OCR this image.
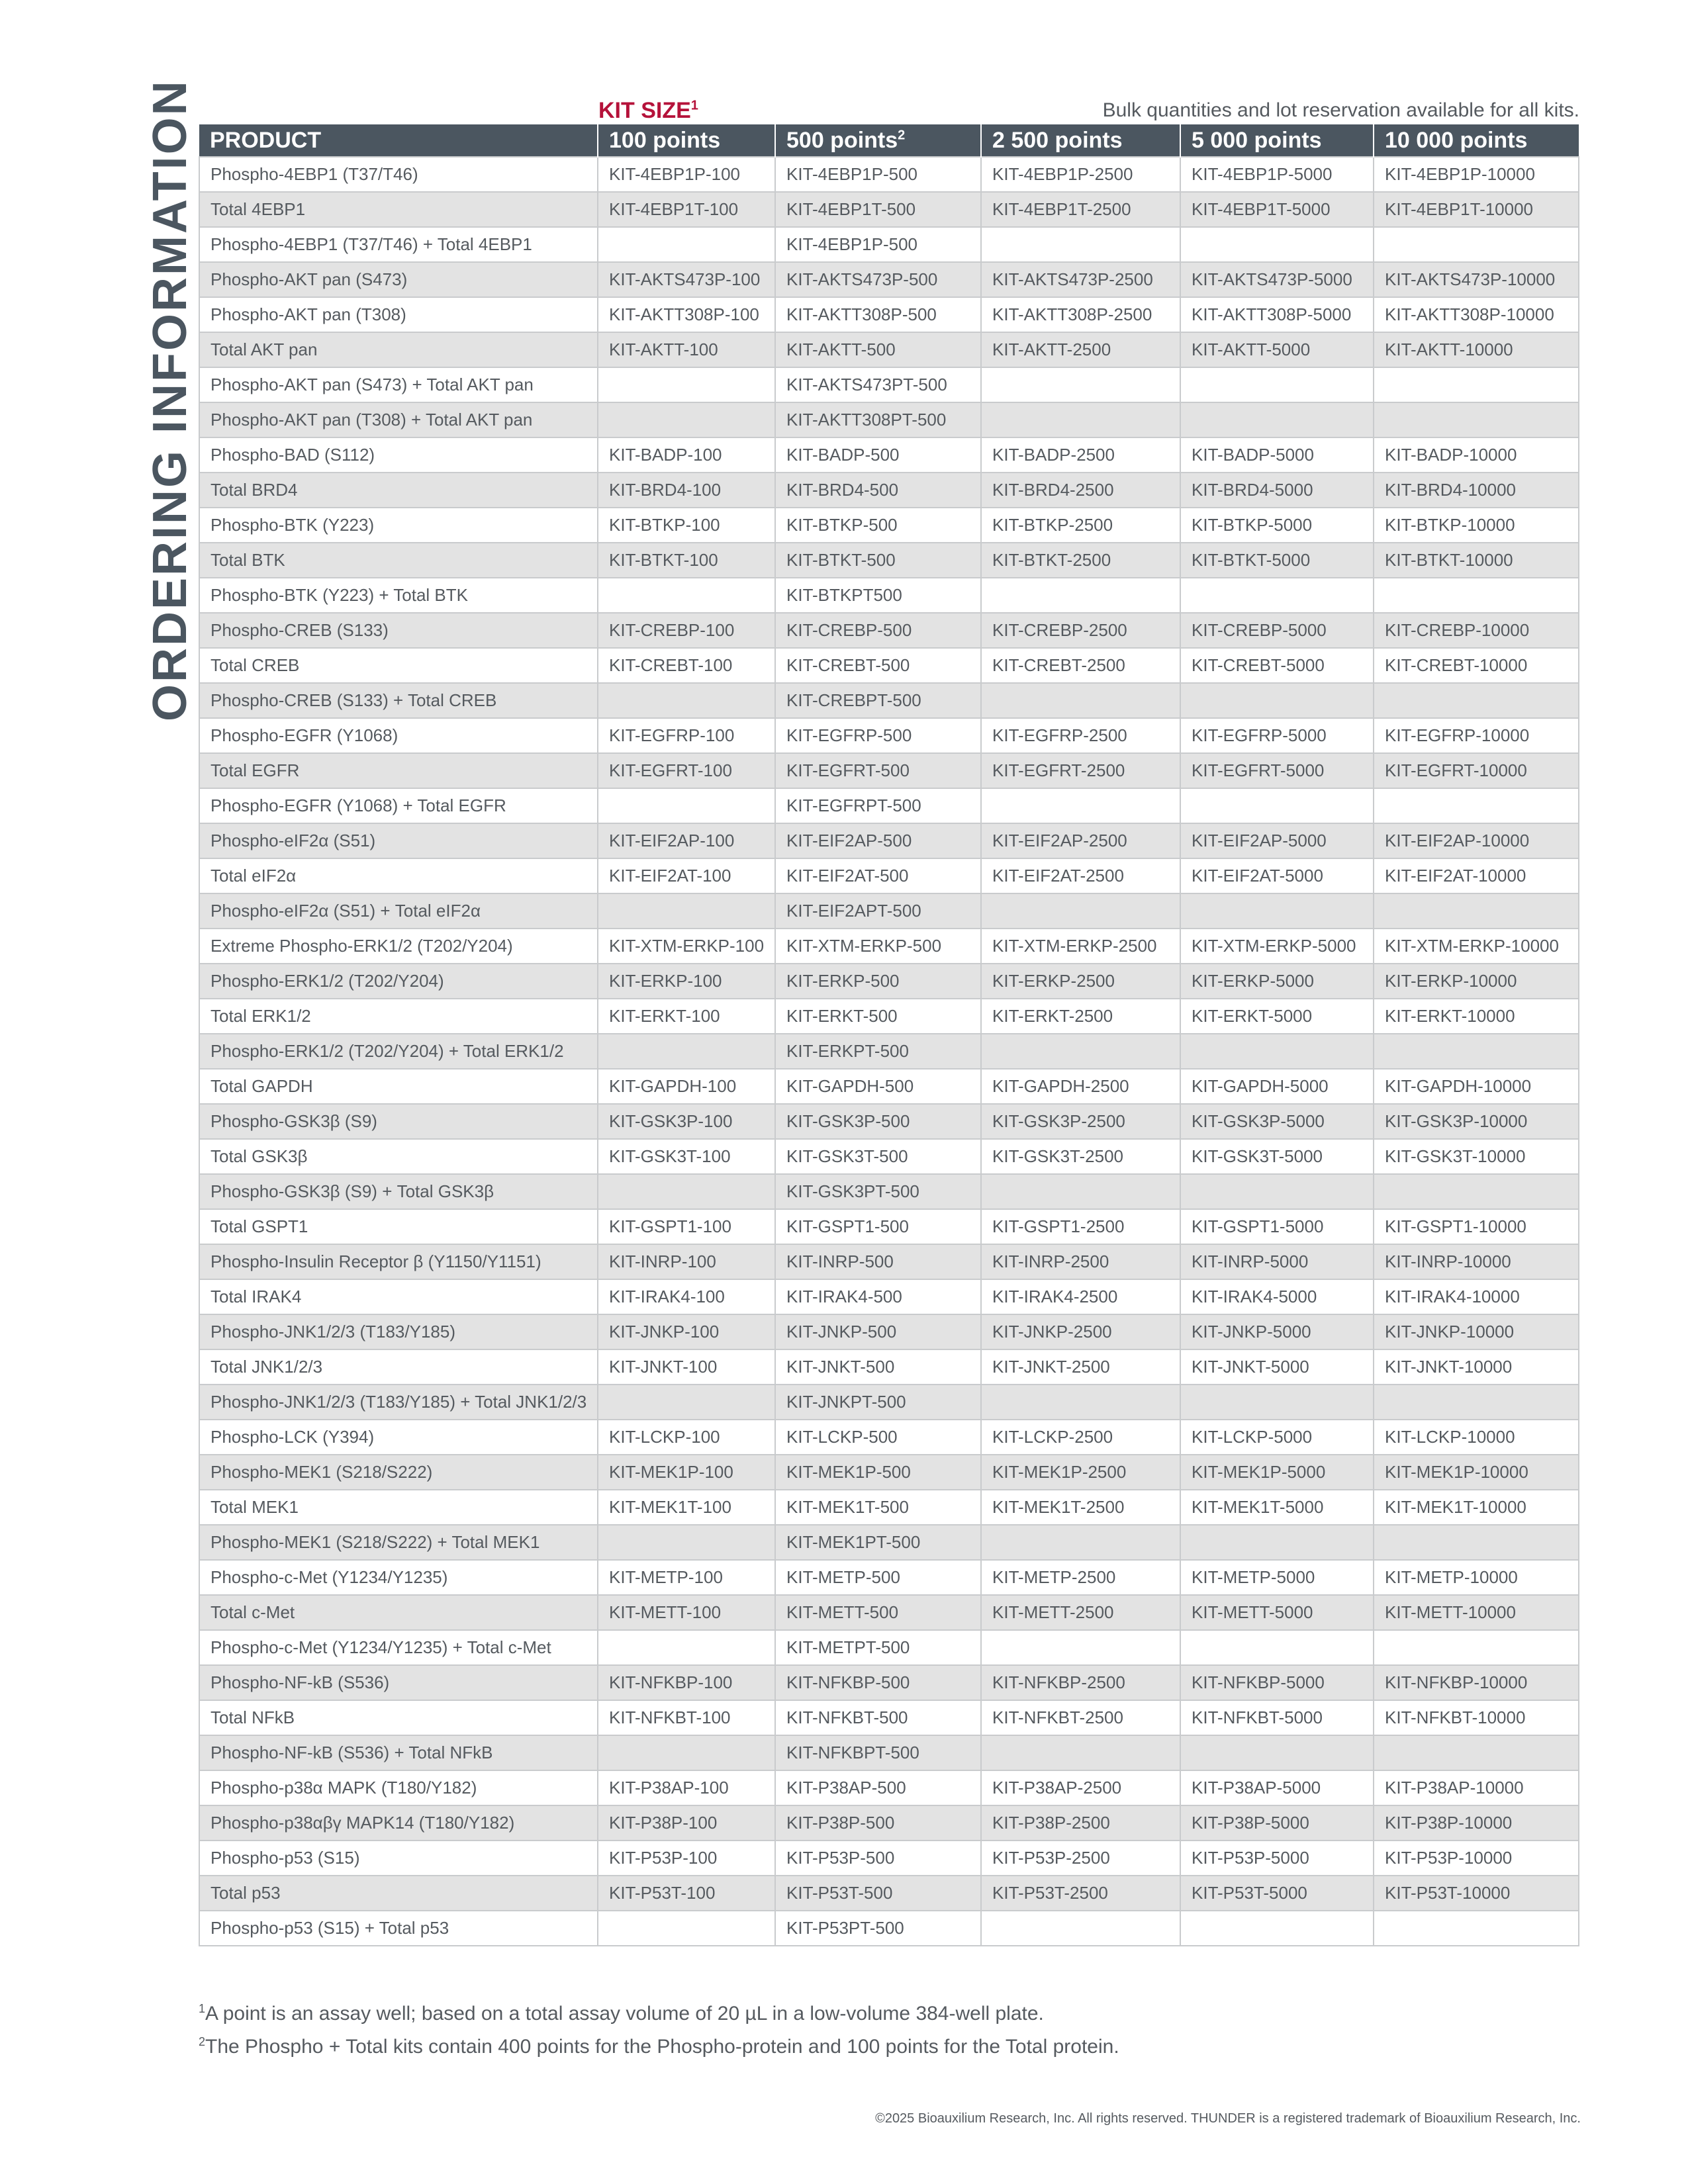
ORDERING INFORMATION	KIT SIZE$^1$	Bulk quantities and lot reservation available for all kits.
PRODUCT	100 points	500 points$^2$	2 500 points	5 000 points	10 000 points
Phospho-4EBP1 (T37/T46)	KIT-4EBP1P-100	KIT-4EBP1P-500	KIT-4EBP1P-2500	KIT-4EBP1P-5000	KIT-4EBP1P-10000
Total 4EBP1	KIT-4EBP1T-100	KIT-4EBP1T-500	KIT-4EBP1T-2500	KIT-4EBP1T-5000	KIT-4EBP1T-10000
Phospho-4EBP1 (T37/T46) + Total 4EBP1		KIT-4EBP1P-500			
Phospho-AKT pan (S473)	KIT-AKTS473P-100	KIT-AKTS473P-500	KIT-AKTS473P-2500	KIT-AKTS473P-5000	KIT-AKTS473P-10000
Phospho-AKT pan (T308)	KIT-AKTT308P-100	KIT-AKTT308P-500	KIT-AKTT308P-2500	KIT-AKTT308P-5000	KIT-AKTT308P-10000
Total AKT pan	KIT-AKTT-100	KIT-AKTT-500	KIT-AKTT-2500	KIT-AKTT-5000	KIT-AKTT-10000
Phospho-AKT pan (S473) + Total AKT pan		KIT-AKTS473PT-500			
Phospho-AKT pan (T308) + Total AKT pan		KIT-AKTT308PT-500			
Phospho-BAD (S112)	KIT-BADP-100	KIT-BADP-500	KIT-BADP-2500	KIT-BADP-5000	KIT-BADP-10000
Total BRD4	KIT-BRD4-100	KIT-BRD4-500	KIT-BRD4-2500	KIT-BRD4-5000	KIT-BRD4-10000
Phospho-BTK (Y223)	KIT-BTKP-100	KIT-BTKP-500	KIT-BTKP-2500	KIT-BTKP-5000	KIT-BTKP-10000
Total BTK	KIT-BTKT-100	KIT-BTKT-500	KIT-BTKT-2500	KIT-BTKT-5000	KIT-BTKT-10000
Phospho-BTK (Y223) + Total BTK		KIT-BTKPT500			
Phospho-CREB (S133)	KIT-CREBP-100	KIT-CREBP-500	KIT-CREBP-2500	KIT-CREBP-5000	KIT-CREBP-10000
Total CREB	KIT-CREBT-100	KIT-CREBT-500	KIT-CREBT-2500	KIT-CREBT-5000	KIT-CREBT-10000
Phospho-CREB (S133) + Total CREB		KIT-CREBPT-500			
Phospho-EGFR (Y1068)	KIT-EGFRP-100	KIT-EGFRP-500	KIT-EGFRP-2500	KIT-EGFRP-5000	KIT-EGFRP-10000
Total EGFR	KIT-EGFRT-100	KIT-EGFRT-500	KIT-EGFRT-2500	KIT-EGFRT-5000	KIT-EGFRT-10000
Phospho-EGFR (Y1068) + Total EGFR		KIT-EGFRPT-500			
Phospho-eIF2α (S51)	KIT-EIF2AP-100	KIT-EIF2AP-500	KIT-EIF2AP-2500	KIT-EIF2AP-5000	KIT-EIF2AP-10000
Total eIF2α	KIT-EIF2AT-100	KIT-EIF2AT-500	KIT-EIF2AT-2500	KIT-EIF2AT-5000	KIT-EIF2AT-10000
Phospho-eIF2α (S51) + Total eIF2α		KIT-EIF2APT-500			
Extreme Phospho-ERK1/2 (T202/Y204)	KIT-XTM-ERKP-100	KIT-XTM-ERKP-500	KIT-XTM-ERKP-2500	KIT-XTM-ERKP-5000	KIT-XTM-ERKP-10000
Phospho-ERK1/2 (T202/Y204)	KIT-ERKP-100	KIT-ERKP-500	KIT-ERKP-2500	KIT-ERKP-5000	KIT-ERKP-10000
Total ERK1/2	KIT-ERKT-100	KIT-ERKT-500	KIT-ERKT-2500	KIT-ERKT-5000	KIT-ERKT-10000
Phospho-ERK1/2 (T202/Y204) + Total ERK1/2		KIT-ERKPT-500			
Total GAPDH	KIT-GAPDH-100	KIT-GAPDH-500	KIT-GAPDH-2500	KIT-GAPDH-5000	KIT-GAPDH-10000
Phospho-GSK3β (S9)	KIT-GSK3P-100	KIT-GSK3P-500	KIT-GSK3P-2500	KIT-GSK3P-5000	KIT-GSK3P-10000
Total GSK3β	KIT-GSK3T-100	KIT-GSK3T-500	KIT-GSK3T-2500	KIT-GSK3T-5000	KIT-GSK3T-10000
Phospho-GSK3β (S9) + Total GSK3β		KIT-GSK3PT-500			
Total GSPT1	KIT-GSPT1-100	KIT-GSPT1-500	KIT-GSPT1-2500	KIT-GSPT1-5000	KIT-GSPT1-10000
Phospho-Insulin Receptor β (Y1150/Y1151)	KIT-INRP-100	KIT-INRP-500	KIT-INRP-2500	KIT-INRP-5000	KIT-INRP-10000
Total IRAK4	KIT-IRAK4-100	KIT-IRAK4-500	KIT-IRAK4-2500	KIT-IRAK4-5000	KIT-IRAK4-10000
Phospho-JNK1/2/3 (T183/Y185)	KIT-JNKP-100	KIT-JNKP-500	KIT-JNKP-2500	KIT-JNKP-5000	KIT-JNKP-10000
Total JNK1/2/3	KIT-JNKT-100	KIT-JNKT-500	KIT-JNKT-2500	KIT-JNKT-5000	KIT-JNKT-10000
Phospho-JNK1/2/3 (T183/Y185) + Total JNK1/2/3		KIT-JNKPT-500			
Phospho-LCK (Y394)	KIT-LCKP-100	KIT-LCKP-500	KIT-LCKP-2500	KIT-LCKP-5000	KIT-LCKP-10000
Phospho-MEK1 (S218/S222)	KIT-MEK1P-100	KIT-MEK1P-500	KIT-MEK1P-2500	KIT-MEK1P-5000	KIT-MEK1P-10000
Total MEK1	KIT-MEK1T-100	KIT-MEK1T-500	KIT-MEK1T-2500	KIT-MEK1T-5000	KIT-MEK1T-10000
Phospho-MEK1 (S218/S222) + Total MEK1		KIT-MEK1PT-500			
Phospho-c-Met (Y1234/Y1235)	KIT-METP-100	KIT-METP-500	KIT-METP-2500	KIT-METP-5000	KIT-METP-10000
Total c-Met	KIT-METT-100	KIT-METT-500	KIT-METT-2500	KIT-METT-5000	KIT-METT-10000
Phospho-c-Met (Y1234/Y1235) + Total c-Met		KIT-METPT-500			
Phospho-NF-kB (S536)	KIT-NFKBP-100	KIT-NFKBP-500	KIT-NFKBP-2500	KIT-NFKBP-5000	KIT-NFKBP-10000
Total NFkB	KIT-NFKBT-100	KIT-NFKBT-500	KIT-NFKBT-2500	KIT-NFKBT-5000	KIT-NFKBT-10000
Phospho-NF-kB (S536) + Total NFkB		KIT-NFKBPT-500			
Phospho-p38α MAPK (T180/Y182)	KIT-P38AP-100	KIT-P38AP-500	KIT-P38AP-2500	KIT-P38AP-5000	KIT-P38AP-10000
Phospho-p38αβγ MAPK14 (T180/Y182)	KIT-P38P-100	KIT-P38P-500	KIT-P38P-2500	KIT-P38P-5000	KIT-P38P-10000
Phospho-p53 (S15)	KIT-P53P-100	KIT-P53P-500	KIT-P53P-2500	KIT-P53P-5000	KIT-P53P-10000
Total p53	KIT-P53T-100	KIT-P53T-500	KIT-P53T-2500	KIT-P53T-5000	KIT-P53T-10000
Phospho-p53 (S15) + Total p53		KIT-P53PT-500			
$^1$A point is an assay well; based on a total assay volume of 20 µL in a low-volume 384-well plate.
$^2$The Phospho + Total kits contain 400 points for the Phospho-protein and 100 points for the Total protein.
©2025 Bioauxilium Research, Inc. All rights reserved. THUNDER is a registered trademark of Bioauxilium Research, Inc.
